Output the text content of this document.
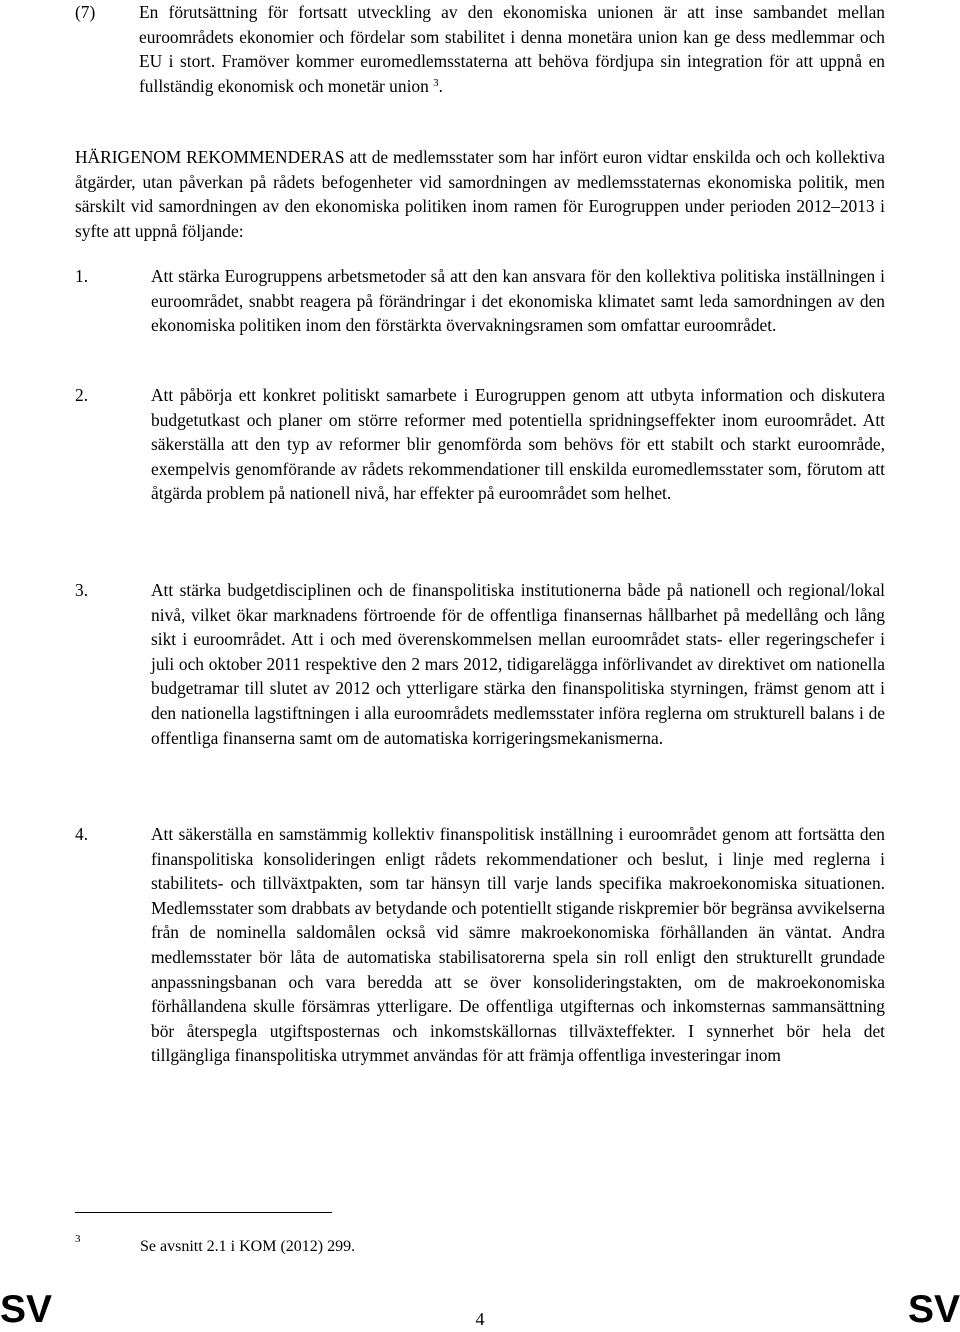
(7)	En förutsättning för fortsatt utveckling av den ekonomiska unionen är att inse sambandet mellan euroområdets ekonomier och fördelar som stabilitet i denna monetära union kan ge dess medlemmar och EU i stort. Framöver kommer euromedlemsstaterna att behöva fördjupa sin integration för att uppnå en fullständig ekonomisk och monetär union $^3$.
HÄRIGENOM REKOMMENDERAS att de medlemsstater som har infört euron vidtar enskilda och och kollektiva åtgärder, utan påverkan på rådets befogenheter vid samordningen av medlemsstaternas ekonomiska politik, men särskilt vid samordningen av den ekonomiska politiken inom ramen för Eurogruppen under perioden 2012–2013 i syfte att uppnå följande:
1.	Att stärka Eurogruppens arbetsmetoder så att den kan ansvara för den kollektiva politiska inställningen i euroområdet, snabbt reagera på förändringar i det ekonomiska klimatet samt leda samordningen av den ekonomiska politiken inom den förstärkta övervakningsramen som omfattar euroområdet.
2.	Att påbörja ett konkret politiskt samarbete i Eurogruppen genom att utbyta information och diskutera budgetutkast och planer om större reformer med potentiella spridningseffekter inom euroområdet. Att säkerställa att den typ av reformer blir genomförda som behövs för ett stabilt och starkt euroområde, exempelvis genomförande av rådets rekommendationer till enskilda euromedlemsstater som, förutom att åtgärda problem på nationell nivå, har effekter på euroområdet som helhet.
3.	Att stärka budgetdisciplinen och de finanspolitiska institutionerna både på nationell och regional/lokal nivå, vilket ökar marknadens förtroende för de offentliga finansernas hållbarhet på medellång och lång sikt i euroområdet. Att i och med överenskommelsen mellan euroområdet stats- eller regeringschefer i juli och oktober 2011 respektive den 2 mars 2012, tidigarelägga införlivandet av direktivet om nationella budgetramar till slutet av 2012 och ytterligare stärka den finanspolitiska styrningen, främst genom att i den nationella lagstiftningen i alla euroområdets medlemsstater införa reglerna om strukturell balans i de offentliga finanserna samt om de automatiska korrigeringsmekanismerna.
4.	Att säkerställa en samstämmig kollektiv finanspolitisk inställning i euroområdet genom att fortsätta den finanspolitiska konsolideringen enligt rådets rekommendationer och beslut, i linje med reglerna i stabilitets- och tillväxtpakten, som tar hänsyn till varje lands specifika makroekonomiska situationen. Medlemsstater som drabbats av betydande och potentiellt stigande riskpremier bör begränsa avvikelserna från de nominella saldomålen också vid sämre makroekonomiska förhållanden än väntat. Andra medlemsstater bör låta de automatiska stabilisatorerna spela sin roll enligt den strukturellt grundade anpassningsbanan och vara beredda att se över konsolideringstakten, om de makroekonomiska förhållandena skulle försämras ytterligare. De offentliga utgifternas och inkomsternas sammansättning bör återspegla utgiftsposternas och inkomstskällornas tillväxteffekter. I synnerhet bör hela det tillgängliga finanspolitiska utrymmet användas för att främja offentliga investeringar inom
3	Se avsnitt 2.1 i KOM (2012) 299.
SV	4	SV
